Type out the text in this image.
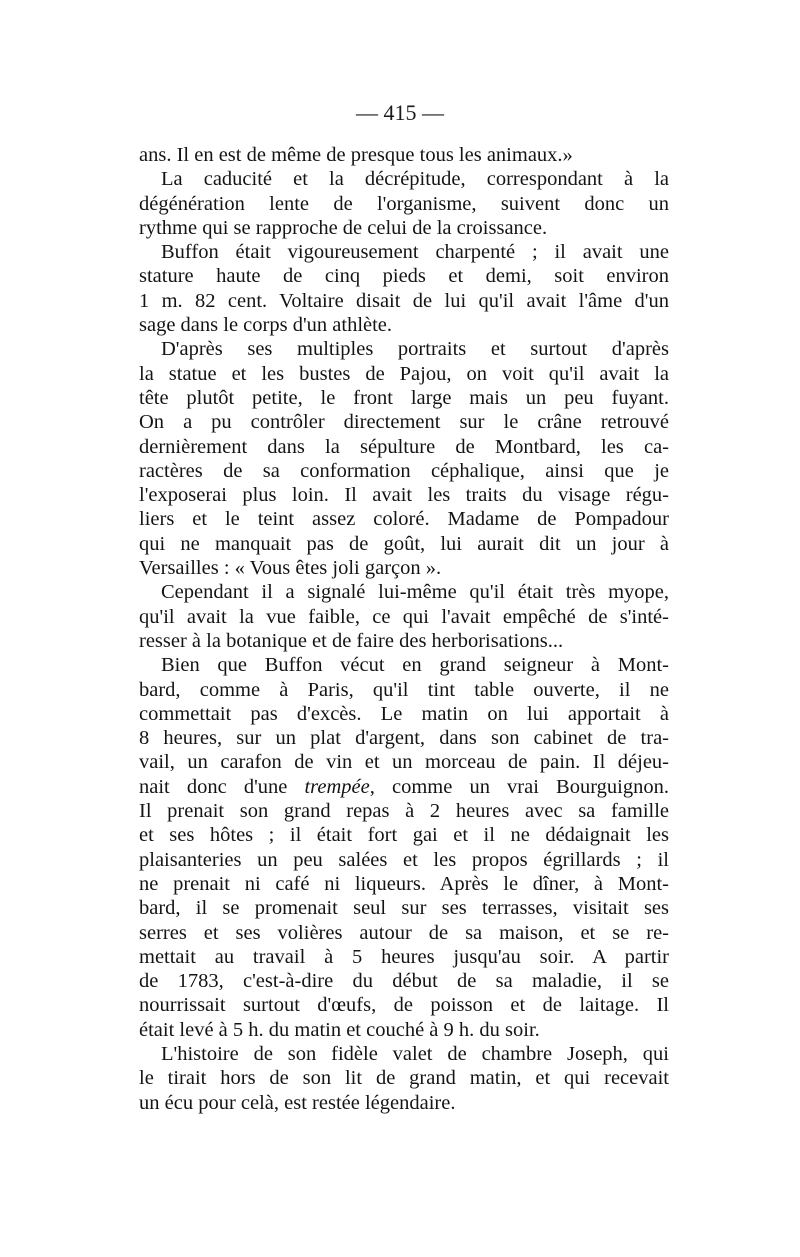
— 415 —
ans. Il en est de même de presque tous les animaux.»
La caducité et la décrépitude, correspondant à la
dégénération lente de l'organisme, suivent donc un
rythme qui se rapproche de celui de la croissance.
Buffon était vigoureusement charpenté ; il avait une
stature haute de cinq pieds et demi, soit environ
1 m. 82 cent. Voltaire disait de lui qu'il avait l'âme d'un
sage dans le corps d'un athlète.
D'après ses multiples portraits et surtout d'après
la statue et les bustes de Pajou, on voit qu'il avait la
tête plutôt petite, le front large mais un peu fuyant.
On a pu contrôler directement sur le crâne retrouvé
dernièrement dans la sépulture de Montbard, les ca-
ractères de sa conformation céphalique, ainsi que je
l'exposerai plus loin. Il avait les traits du visage régu-
liers et le teint assez coloré. Madame de Pompadour
qui ne manquait pas de goût, lui aurait dit un jour à
Versailles : « Vous êtes joli garçon ».
Cependant il a signalé lui-même qu'il était très myope,
qu'il avait la vue faible, ce qui l'avait empêché de s'inté-
resser à la botanique et de faire des herborisations...
Bien que Buffon vécut en grand seigneur à Mont-
bard, comme à Paris, qu'il tint table ouverte, il ne
commettait pas d'excès. Le matin on lui apportait à
8 heures, sur un plat d'argent, dans son cabinet de tra-
vail, un carafon de vin et un morceau de pain. Il déjeu-
nait donc d'une trempée, comme un vrai Bourguignon.
Il prenait son grand repas à 2 heures avec sa famille
et ses hôtes ; il était fort gai et il ne dédaignait les
plaisanteries un peu salées et les propos égrillards ; il
ne prenait ni café ni liqueurs. Après le dîner, à Mont-
bard, il se promenait seul sur ses terrasses, visitait ses
serres et ses volières autour de sa maison, et se re-
mettait au travail à 5 heures jusqu'au soir. A partir
de 1783, c'est-à-dire du début de sa maladie, il se
nourrissait surtout d'œufs, de poisson et de laitage. Il
était levé à 5 h. du matin et couché à 9 h. du soir.
L'histoire de son fidèle valet de chambre Joseph, qui
le tirait hors de son lit de grand matin, et qui recevait
un écu pour celà, est restée légendaire.
